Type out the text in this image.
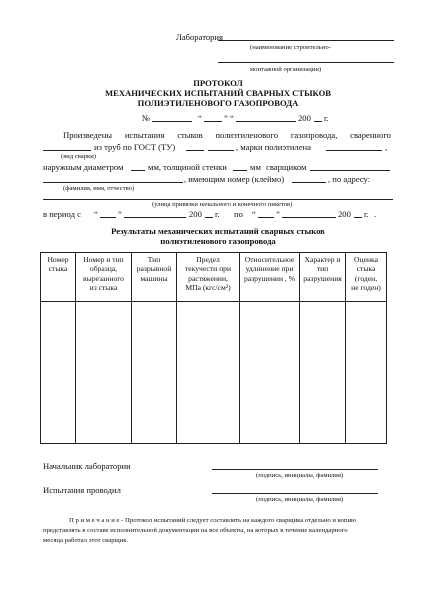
Лаборатория
(наименование строительно-
монтажной организации)
ПРОТОКОЛ
МЕХАНИЧЕСКИХ ИСПЫТАНИЙ СВАРНЫХ СТЫКОВ
ПОЛИЭТИЛЕНОВОГО ГАЗОПРОВОДА
№	“	” “	200 г.
Произведены испытания стыков полиэтиленового газопровода, сваренного
из труб по ГОСТ (ТУ)	, марки полиэтилена	,
(вид сварки)
наружным диаметром	мм, толщиной стенки	мм сварщиком
, имеющим номер (клеймо)	, по адресу:
(фамилия, имя, отчество)
(улица привязки начального и конечного пикетов)
в период с “ ”	200 г. по “ ”	200 г. .
Результаты механических испытаний сварных стыков
полиэтиленового газопровода
Номер
стыка	Номер и тип
образца,
вырезанного
из стыка	Тип
разрывной
машины	Предел
текучести при
растяжении,
МПа (кгс/см²)	Относительное
удлинение при
разрушении , %	Характер и
тип
разрушения	Оценка
стыка
(годен,
не годен)

Начальник лаборатории
(подпись, инициалы, фамилия)
Испытания проводил
(подпись, инициалы, фамилия)
П р и м е ч а н и е - Протокол испытаний следует составлять на каждого сварщика отдельно и копию
представлять в составе исполнительной документации на все объекты, на которых в течение календарного
месяца работал этот сварщик.
